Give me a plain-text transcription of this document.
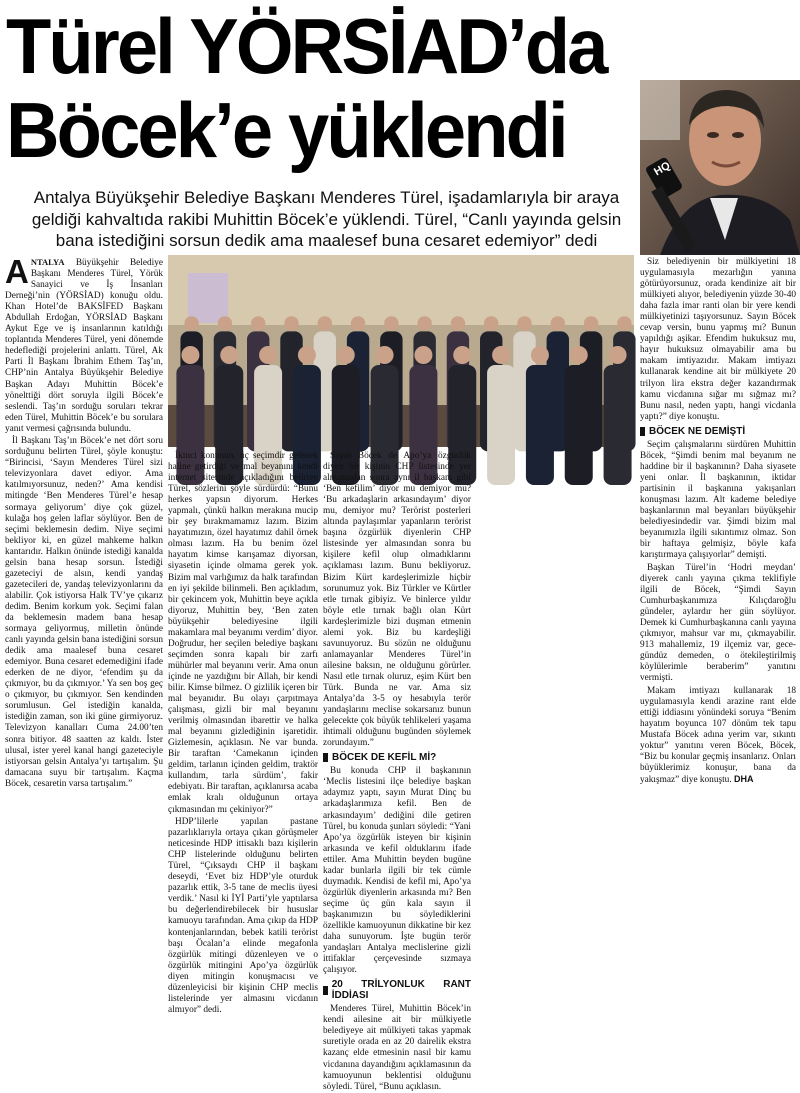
Türel YÖRSİAD’da
Böcek’e yüklendi	HQ
Antalya Büyükşehir Belediye Başkanı Menderes Türel, işadamlarıyla bir araya geldiği kahvaltıda rakibi Muhittin Böcek’e yüklendi. Türel, “Canlı yayında gelsin bana istediğini sorsun dedik ama maalesef buna cesaret edemiyor” dedi

ANTALYA Büyükşehir Belediye Başkanı Menderes Türel, Yörük Sanayici ve İş İnsanları Derneği’nin (YÖRSİAD) konuğu oldu. Khan Hotel’de BAKSİFED Başkanı Abdullah Erdoğan, YÖRSİAD Başkanı Aykut Ege ve iş insanlarının katıldığı toplantıda Menderes Türel, yeni dönemde hedeflediği projelerini anlattı. Türel, Ak Parti İl Başkanı İbrahim Ethem Taş’ın, CHP’nin Antalya Büyükşehir Belediye Başkan Adayı Muhittin Böcek’e yönelttiği dört soruyla ilgili Böcek’e seslendi. Taş’ın sorduğu soruları tekrar eden Türel, Muhittin Böcek’e bu sorulara yanıt vermesi çağrısında bulundu.

İl Başkanı Taş’ın Böcek’e net dört soru sorduğunu belirten Türel, şöyle konuştu: “Birincisi, ‘Sayın Menderes Türel sizi televizyonlara davet ediyor. Ama katılmıyorsunuz, neden?’ Ama kendisi mitingde ‘Ben Menderes Türel’e hesap sormaya geliyorum’ diye çok güzel, kulağa hoş gelen laflar söylüyor. Ben de seçimi beklemesin dedim. Niye seçimi bekliyor ki, en güzel mahkeme halkın kantarıdır. Halkın önünde istediği kanalda gelsin bana hesap sorsun. İstediği gazeteciyi de alsın, kendi yandaş gazetecileri de, yandaş televizyonlarını da alabilir. Çok istiyorsa Halk TV’ye çıkarız dedim. Benim korkum yok. Seçimi falan da beklemesin madem bana hesap sormaya geliyormuş, milletin önünde canlı yayında gelsin bana istediğini sorsun dedik ama maalesef buna cesaret edemiyor. Buna cesaret edemediğini ifade ederken de ne diyor, ‘efendim şu da çıkmıyor, bu da çıkmıyor.’ Ya sen boş geç o çıkmıyor, bu çıkmıyor. Sen kendinden sorumlusun. Gel istediğin kanalda, istediğin zaman, son iki güne girmiyoruz. Televizyon kanalları Cuma 24.00’ten sonra bitiyor. 48 saatten az kaldı. İster ulusal, ister yerel kanal hangi gazeteciyle istiyorsan gelsin Antalya’yı tartışalım. Şu damacana suyu bir tartışalım. Kaçma Böcek, cesaretin varsa tartışalım.”

İkinci konunun, üç seçimdir gelenek haline getirdiği ve mal beyanını kendi internet sitesinde açıkladığını belirten Türel, sözlerini şöyle sürdürdü: “Bunu herkes yapsın diyorum. Herkes yapmalı, çünkü halkın merakına mucip bir şey bırakmamamız lazım. Bizim hayatımızın, özel hayatımız dahil örnek olması lazım. Ha bu benim özel hayatım kimse karışamaz diyorsan, siyasetin içinde olmama gerek yok. Bizim mal varlığımız da halk tarafından en iyi şekilde bilinmeli. Ben açıkladım, bir çekincem yok, Muhittin beye açıkla diyoruz, Muhittin bey, ‘Ben zaten büyükşehir belediyesine ilgili makamlara mal beyanımı verdim’ diyor. Doğrudur, her seçilen belediye başkanı seçimden sonra kapalı bir zarfı mühürler mal beyanını verir. Ama onun içinde ne yazdığını bir Allah, bir kendi bilir. Kimse bilmez. O gizlilik içeren bir mal beyanıdır. Bu olayı çarpıtmaya çalışması, gizli bir mal beyanını verilmiş olmasından ibarettir ve halka mal beyanını gizlediğinin işaretidir. Gizlemesin, açıklasın. Ne var bunda. Bir taraftan ‘Camekanın içinden geldim, tarlanın içinden geldim, traktör kullandım, tarla sürdüm’, fakir edebiyatı. Bir taraftan, açıklanırsa acaba emlak kralı olduğunun ortaya çıkmasından mı çekiniyor?”

HDP’lilerle yapılan pastane pazarlıklarıyla ortaya çıkan görüşmeler neticesinde HDP ittisaklı bazı kişilerin CHP listelerinde olduğunu belirten Türel, “Çıksaydı CHP il başkanı deseydi, ‘Evet biz HDP’yle oturduk pazarlık ettik, 3-5 tane de meclis üyesi verdik.’ Nasıl ki İYİ Parti’yle yaptılarsa bu değerlendirebilecek bir hususlar kamuoyu tarafından. Ama çıkıp da HDP kontenjanlarından, bebek katili terörist başı Öcalan’a elinde megafonla özgürlük mitingi düzenleyen ve o özgürlük mitingini Apo’ya özgürlük diyen mitingin konuşmacısı ve düzenleyicisi bir kişinin CHP meclis listelerinde yer almasını vicdanın almıyor” dedi.

Sayın Böcek de Apo’ya özgürlük diyen bir kişinin CHP listesinde yer almasından sonra aynı il başkanı gibi ‘Ben kefilim’ diyor mu demiyor mu? ‘Bu arkadaşlarin arkasındayım’ diyor mu, demiyor mu? Terörist posterleri altında paylaşımlar yapanların terörist başına özgürlük diyenlerin CHP listesinde yer almasından sonra bu kişilere kefil olup olmadıklarını açıklaması lazım. Bunu bekliyoruz. Bizim Kürt kardeşlerimizle hiçbir sorunumuz yok. Biz Türkler ve Kürtler etle tırnak gibiyiz. Ve binlerce yıldır böyle etle tırnak bağlı olan Kürt kardeşlerimizle bizi duşman etmenin alemi yok. Biz bu kardeşliği savunuyoruz. Bu sözün ne olduğunu anlamayanlar Menderes Türel’in ailesine baksın, ne olduğunu görürler. Nasıl etle tırnak oluruz, eşim Kürt ben Türk. Bunda ne var. Ama siz Antalya’da 3-5 oy hesabıyla terör yandaşlarını meclise sokarsanız bunun gelecekte çok büyük tehlikeleri yaşama ihtimali olduğunu bugünden söylemek zorundayım.”

BÖCEK DE KEFİL Mİ?

Bu konuda CHP il başkanının ‘Meclis listesini ilçe belediye başkan adaymız yaptı, sayın Murat Dinç bu arkadaşlarımıza kefil. Ben de arkasındayım’ dediğini dile getiren Türel, bu konuda şunları söyledi: “Yani Apo’ya özgürlük isteyen bir kişinin arkasında ve kefil olduklarını ifade ettiler. Ama Muhittin beyden bugüne kadar bunlarla ilgili bir tek cümle duymadık. Kendisi de kefil mi, Apo’ya özgürlük diyenlerin arkasında mı? Ben seçime üç gün kala sayın il başkanımızın bu söylediklerini özellikle kamuoyunun dikkatine bir kez daha sunuyorum. İşte bugün terör yandaşları Antalya meclislerine gizli ittifaklar çerçevesinde sızmaya çalışıyor.

20 TRİLYONLUK RANT İDDİASI

Menderes Türel, Muhittin Böcek’in kendi ailesine ait bir mülkiyetle belediyeye ait mülkiyeti takas yapmak suretiyle orada en az 20 dairelik ekstra kazanç elde etmesinin nasıl bir kamu vicdanına dayandığını açıklamasının da kamuoyunun beklentisi olduğunu söyledi. Türel, “Bunu açıklasın.

Siz belediyenin bir mülkiyetini 18 uygulamasıyla mezarlığın yanına götürüyorsunuz, orada kendinize ait bir mülkiyeti alıyor, belediyenin yüzde 30-40 daha fazla imar ranti olan bir yere kendi mülkiyetinizi taşıyorsunuz. Sayın Böcek cevap versin, bunu yapmış mı? Bunun yapıldığı aşikar. Efendim hukuksuz mu, hayır hukuksuz olmayabilir ama bu makam imtiyazıdır. Makam imtiyazı kullanarak kendine ait bir mülkiyete 20 trilyon lira ekstra değer kazandırmak kamu vicdanına sığar mı sığmaz mı? Bunu nasıl, neden yaptı, hangi vicdanla yaptı?” diye konuştu.

BÖCEK NE DEMİŞTİ

Seçim çalışmalarını sürdüren Muhittin Böcek, “Şimdi benim mal beyanım ne haddine bir il başkanının? Daha siyasete yeni onlar. İl başkanının, iktidar partisinin il başkanına yakışanları konuşması lazım. Alt kademe belediye başkanlarının mal beyanları büyükşehir belediyesindedir var. Şimdi bizim mal beyanımızla ilgili sıkıntımız olmaz. Son bir haftaya gelmişiz, böyle kafa karıştırmaya çalışıyorlar” demişti.

Başkan Türel’in ‘Hodri meydan’ diyerek canlı yayına çıkma teklifiyle ilgili de Böcek, “Şimdi Sayın Cumhurbaşkanımıza Kılıçdaroğlu gündeler, aylardır her gün söylüyor. Demek ki Cumhurbaşkanına canlı yayına çıkmıyor, mahsur var mı, çıkmayabilir. 913 mahallemiz, 19 ilçemiz var, gece- gündüz demeden, o ötekileştirilmiş köylülerimle beraberim” yanıtını vermişti.

Makam imtiyazı kullanarak 18 uygulamasıyla kendi arazine rant elde ettiği iddiasını yönündeki soruya “Benim hayatım boyunca 107 dönüm tek tapu Mustafa Böcek adına yerim var, sıkıntı yoktur” yanıtını veren Böcek, Böcek, “Biz bu konular geçmiş insanlarız. Onları büyüklerimiz konuşur, bana da yakışmaz” diye konuştu. DHA
